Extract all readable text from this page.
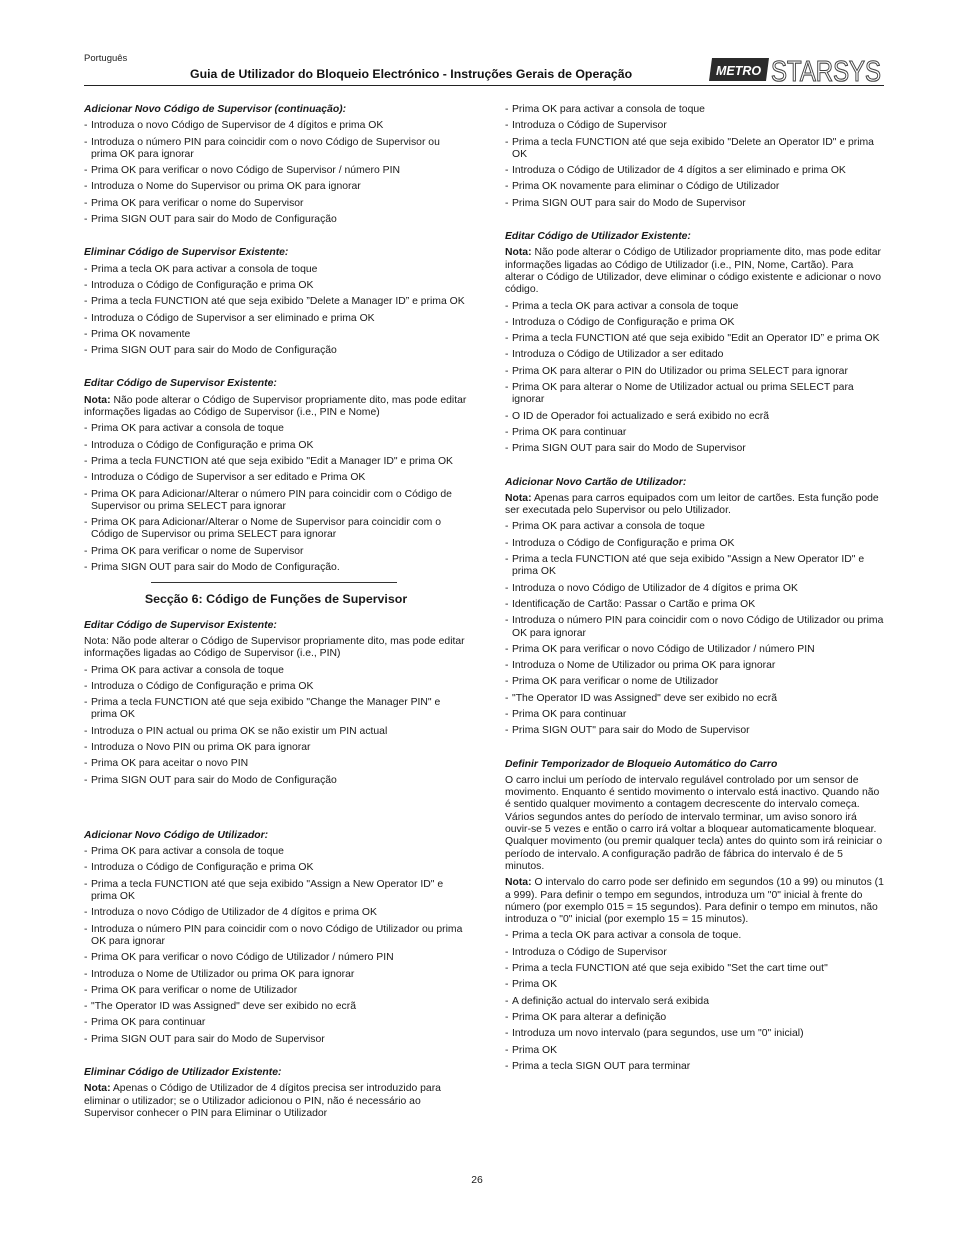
Português
Guia de Utilizador do Bloqueio Electrónico - Instruções Gerais de Operação	METRO STARSYS
Adicionar Novo Código de Supervisor (continuação):
- Introduza o novo Código de Supervisor de 4 dígitos e prima OK
- Introduza o número PIN para coincidir com o novo Código de Supervisor ou prima OK para ignorar
- Prima OK para verificar o novo Código de Supervisor / número PIN
- Introduza o Nome do Supervisor ou prima OK para ignorar
- Prima OK para verificar o nome do Supervisor
- Prima SIGN OUT para sair do Modo de Configuração
Eliminar Código de Supervisor Existente:
- Prima a tecla OK para activar a consola de toque
- Introduza o Código de Configuração e prima OK
- Prima a tecla FUNCTION até que seja exibido ”Delete a Manager ID” e prima OK
- Introduza o Código de Supervisor a ser eliminado e prima OK
- Prima OK novamente
- Prima SIGN OUT para sair do Modo de Configuração
Editar Código de Supervisor Existente:
Nota: Não pode alterar o Código de Supervisor propriamente dito, mas pode editar informações ligadas ao Código de Supervisor (i.e., PIN e Nome)
- Prima OK para activar a consola de toque
- Introduza o Código de Configuração e prima OK
- Prima a tecla FUNCTION até que seja exibido "Edit a Manager ID" e prima OK
- Introduza o Código de Supervisor a ser editado e Prima OK
- Prima OK para Adicionar/Alterar o número PIN para coincidir com o Código de Supervisor ou prima SELECT para ignorar
- Prima OK para Adicionar/Alterar o Nome de Supervisor para coincidir com o Código de Supervisor ou prima SELECT para ignorar
- Prima OK para verificar o nome de Supervisor
- Prima SIGN OUT para sair do Modo de Configuração.
Secção 6: Código de Funções de Supervisor
Editar Código de Supervisor Existente:
Nota: Não pode alterar o Código de Supervisor propriamente dito, mas pode editar informações ligadas ao Código de Supervisor (i.e., PIN)
- Prima OK para activar a consola de toque
- Introduza o Código de Configuração e prima OK
- Prima a tecla FUNCTION até que seja exibido "Change the Manager PIN" e prima OK
- Introduza o PIN actual ou prima OK se não existir um PIN actual
- Introduza o Novo PIN ou prima OK para ignorar
- Prima OK para aceitar o novo PIN
- Prima SIGN OUT para sair do Modo de Configuração
Adicionar Novo Código de Utilizador:
- Prima OK para activar a consola de toque
- Introduza o Código de Configuração e prima OK
- Prima a tecla FUNCTION até que seja exibido "Assign a New Operator ID" e prima OK
- Introduza o novo Código de Utilizador de 4 dígitos e prima OK
- Introduza o número PIN para coincidir com o novo Código de Utilizador ou prima OK para ignorar
- Prima OK para verificar o novo Código de Utilizador / número PIN
- Introduza o Nome de Utilizador ou prima OK para ignorar
- Prima OK para verificar o nome de Utilizador
- "The Operator ID was Assigned" deve ser exibido no ecrã
- Prima OK para continuar
- Prima SIGN OUT para sair do Modo de Supervisor
Eliminar Código de Utilizador Existente:
Nota: Apenas o Código de Utilizador de 4 dígitos precisa ser introduzido para eliminar o utilizador; se o Utilizador adicionou o PIN, não é necessário ao Supervisor conhecer o PIN para Eliminar o Utilizador
- Prima OK para activar a consola de toque
- Introduza o Código de Supervisor
- Prima a tecla FUNCTION até que seja exibido "Delete an Operator ID" e prima OK
- Introduza o Código de Utilizador de 4 dígitos a ser eliminado e prima OK
- Prima OK novamente para eliminar o Código de Utilizador
- Prima SIGN OUT para sair do Modo de Supervisor
Editar Código de Utilizador Existente:
Nota: Não pode alterar o Código de Utilizador propriamente dito, mas pode editar informações ligadas ao Código de Utilizador (i.e., PIN, Nome, Cartão). Para alterar o Código de Utilizador, deve eliminar o código existente e adicionar o novo código.
- Prima a tecla OK para activar a consola de toque
- Introduza o Código de Configuração e prima OK
- Prima a tecla FUNCTION até que seja exibido "Edit an Operator ID” e prima OK
- Introduza o Código de Utilizador a ser editado
- Prima OK para alterar o PIN do Utilizador ou prima SELECT para ignorar
- Prima OK para alterar o Nome de Utilizador actual ou prima SELECT para ignorar
- O ID de Operador foi actualizado e será exibido no ecrã
- Prima OK para continuar
- Prima SIGN OUT para sair do Modo de Supervisor
Adicionar Novo Cartão de Utilizador:
Nota: Apenas para carros equipados com um leitor de cartões. Esta função pode ser executada pelo Supervisor ou pelo Utilizador.
- Prima OK para activar a consola de toque
- Introduza o Código de Configuração e prima OK
- Prima a tecla FUNCTION até que seja exibido "Assign a New Operator ID" e prima OK
- Introduza o novo Código de Utilizador de 4 dígitos e prima OK
- Identificação de Cartão: Passar o Cartão e prima OK
- Introduza o número PIN para coincidir com o novo Código de Utilizador ou prima OK para ignorar
- Prima OK para verificar o novo Código de Utilizador / número PIN
- Introduza o Nome de Utilizador ou prima OK para ignorar
- Prima OK para verificar o nome de Utilizador
- "The Operator ID was Assigned" deve ser exibido no ecrã
- Prima OK para continuar
- Prima SIGN OUT" para sair do Modo de Supervisor
Definir Temporizador de Bloqueio Automático do Carro
O carro inclui um período de intervalo regulável controlado por um sensor de movimento. Enquanto é sentido movimento o intervalo está inactivo. Quando não é sentido qualquer movimento a contagem decrescente do intervalo começa. Vários segundos antes do período de intervalo terminar, um aviso sonoro irá ouvir-se 5 vezes e então o carro irá voltar a bloquear automaticamente bloquear. Qualquer movimento (ou premir qualquer tecla) antes do quinto som irá reiniciar o período de intervalo. A configuração padrão de fábrica do intervalo é de 5 minutos.
Nota: O intervalo do carro pode ser definido em segundos (10 a 99) ou minutos (1 a 999). Para definir o tempo em segundos, introduza um "0" inicial à frente do número (por exemplo 015 = 15 segundos). Para definir o tempo em minutos, não introduza o "0" inicial (por exemplo 15 = 15 minutos).
- Prima a tecla OK para activar a consola de toque.
- Introduza o Código de Supervisor
- Prima a tecla FUNCTION até que seja exibido "Set the cart time out"
- Prima OK
- A definição actual do intervalo será exibida
- Prima OK para alterar a definição
- Introduza um novo intervalo (para segundos, use um "0" inicial)
- Prima OK
- Prima a tecla SIGN OUT para terminar
26
